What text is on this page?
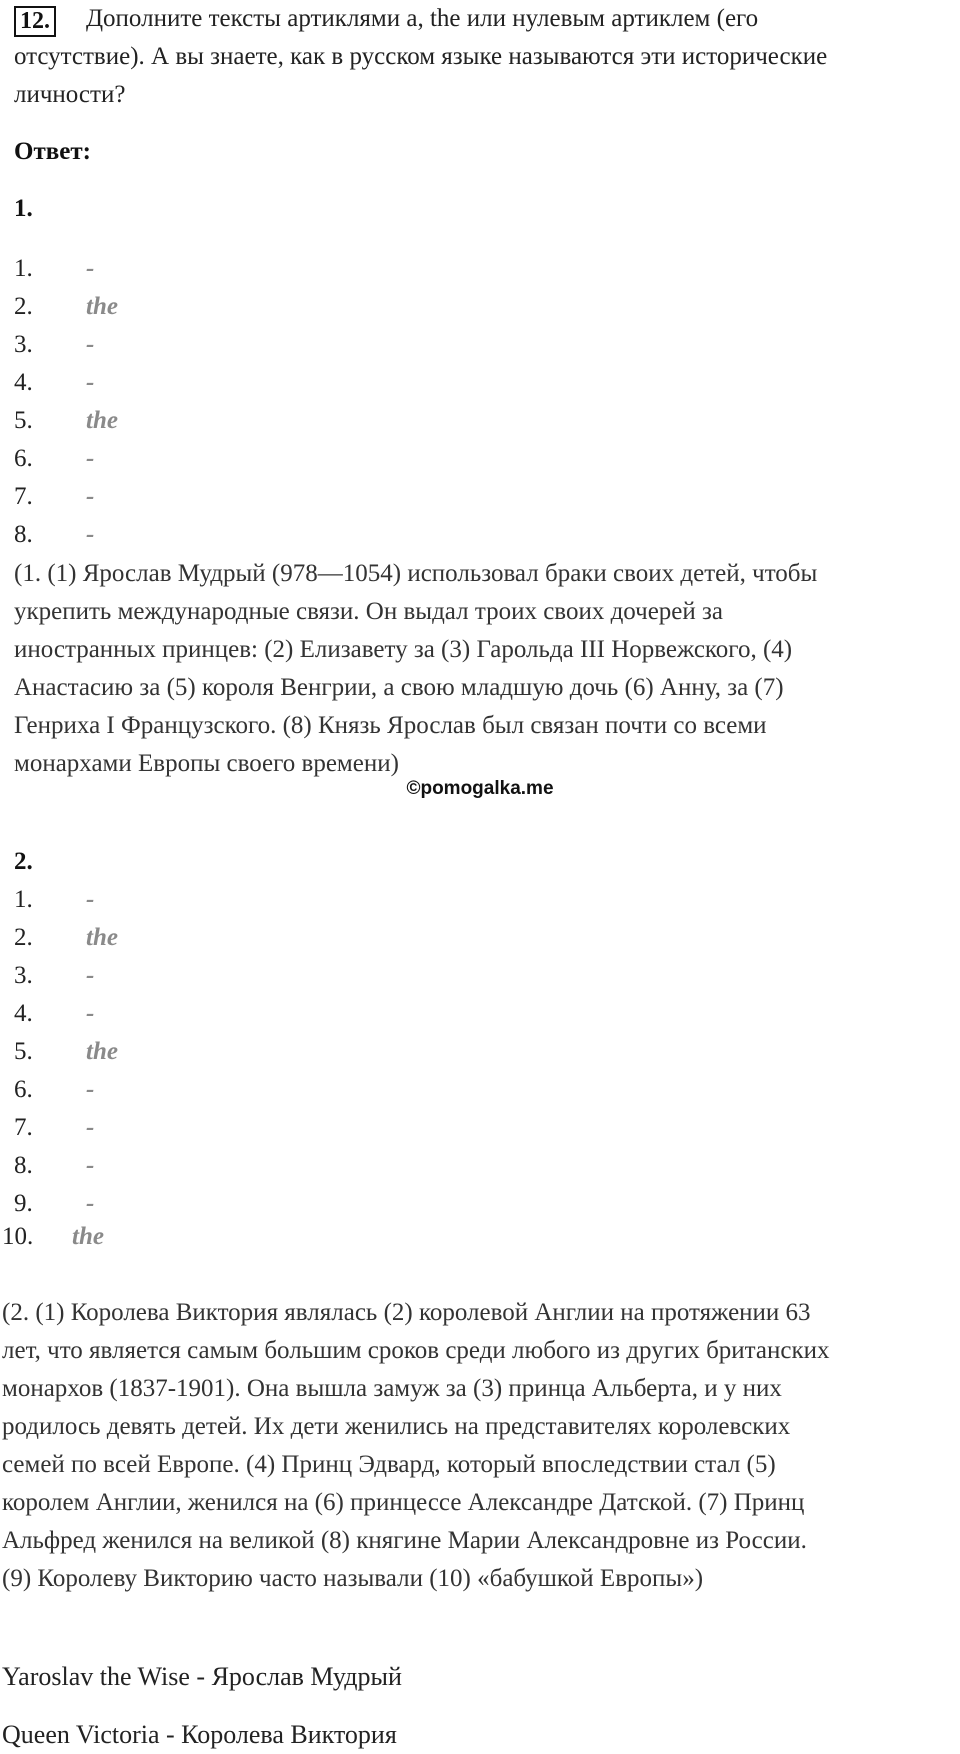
12. Дополните тексты артиклями a, the или нулевым артиклем (его
отсутствие). А вы знаете, как в русском языке называются эти исторические
личности?
Ответ:
1.
1. -
2. the
3. -
4. -
5. the
6. -
7. -
8. -
(1. (1) Ярослав Мудрый (978—1054) использовал браки своих детей, чтобы
укрепить международные связи. Он выдал троих своих дочерей за
иностранных принцев: (2) Елизавету за (3) Гарольда III Норвежского, (4)
Анастасию за (5) короля Венгрии, а свою младшую дочь (6) Анну, за (7)
Генриха I Французского. (8) Князь Ярослав был связан почти со всеми
монархами Европы своего времени)
©pomogalka.me
2.
1. -
2. the
3. -
4. -
5. the
6. -
7. -
8. -
9. -
10. the
(2. (1) Королева Виктория являлась (2) королевой Англии на протяжении 63
лет, что является самым большим сроков среди любого из других британских
монархов (1837-1901). Она вышла замуж за (3) принца Альберта, и у них
родилось девять детей. Их дети женились на представителях королевских
семей по всей Европе. (4) Принц Эдвард, который впоследствии стал (5)
королем Англии, женился на (6) принцессе Александре Датской. (7) Принц
Альфред женился на великой (8) княгине Марии Александровне из России.
(9) Королеву Викторию часто называли (10) «бабушкой Европы»)
Yaroslav the Wise - Ярослав Мудрый
Queen Victoria - Королева Виктория
